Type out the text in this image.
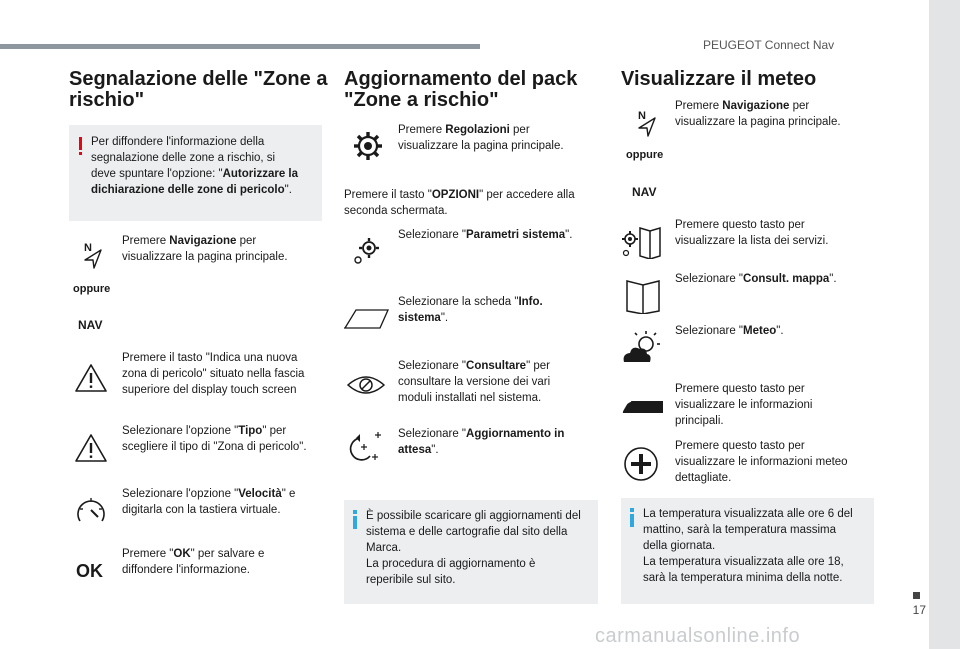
PEUGEOT Connect Nav
17
carmanualsonline.info
Segnalazione delle "Zone a
rischio"
Per diffondere l'informazione della
segnalazione delle zone a rischio, si
deve spuntare l'opzione: "Autorizzare la
dichiarazione delle zone di pericolo".
N
Premere Navigazione per
visualizzare la pagina principale.
oppure
NAV
Premere il tasto "Indica una nuova
zona di pericolo" situato nella fascia
superiore del display touch screen
Selezionare l'opzione "Tipo" per
scegliere il tipo di "Zona di pericolo".
Selezionare l'opzione "Velocità" e
digitarla con la tastiera virtuale.
OK
Premere "OK" per salvare e
diffondere l'informazione.
Aggiornamento del pack
"Zone a rischio"
Premere Regolazioni per
visualizzare la pagina principale.
Premere il tasto "OPZIONI" per accedere alla
seconda schermata.
Selezionare "Parametri sistema".
Selezionare la scheda "Info.
sistema".
Selezionare "Consultare" per
consultare la versione dei vari
moduli installati nel sistema.
Selezionare "Aggiornamento in
attesa".
È possibile scaricare gli aggiornamenti del
sistema e delle cartografie dal sito della
Marca.
La procedura di aggiornamento è
reperibile sul sito.
Visualizzare il meteo
N
Premere Navigazione per
visualizzare la pagina principale.
oppure
NAV
Premere questo tasto per
visualizzare la lista dei servizi.
Selezionare "Consult. mappa".
Selezionare "Meteo".
Premere questo tasto per
visualizzare le informazioni
principali.
Premere questo tasto per
visualizzare le informazioni meteo
dettagliate.
La temperatura visualizzata alle ore 6 del
mattino, sarà la temperatura massima
della giornata.
La temperatura visualizzata alle ore 18,
sarà la temperatura minima della notte.
